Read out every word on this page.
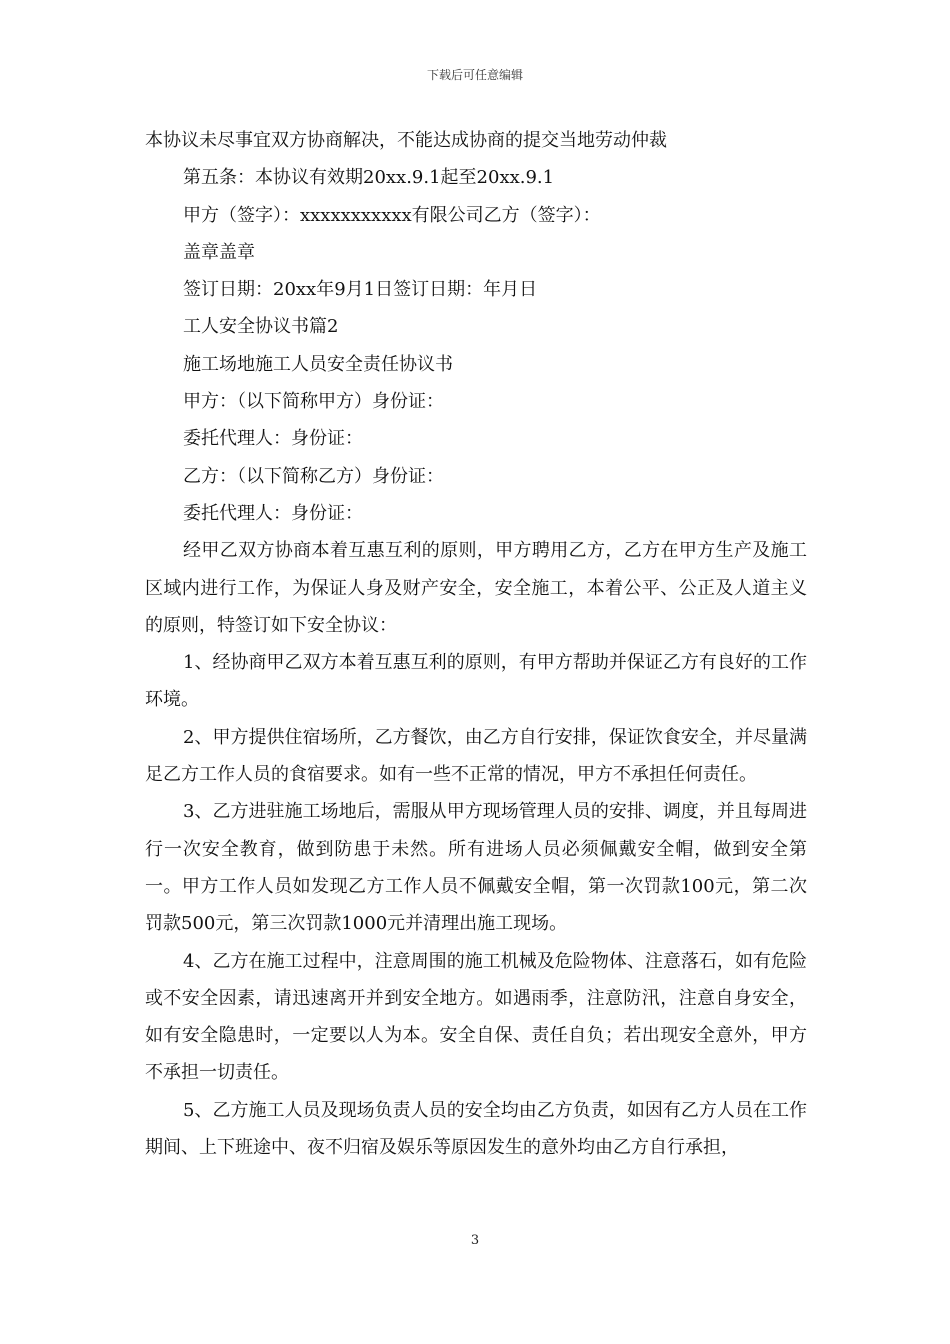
下载后可任意编辑

本协议未尽事宜双方协商解决，不能达成协商的提交当地劳动仲裁

第五条：本协议有效期20xx.9.1起至20xx.9.1

甲方（签字）：xxxxxxxxxxx有限公司乙方（签字）：

盖章盖章

签订日期：20xx年9月1日签订日期：年月日

工人安全协议书篇2

施工场地施工人员安全责任协议书

甲方：（以下简称甲方）身份证：

委托代理人：身份证：

乙方：（以下简称乙方）身份证：

委托代理人：身份证：

经甲乙双方协商本着互惠互利的原则，甲方聘用乙方，乙方在甲方生产及施工区域内进行工作，为保证人身及财产安全，安全施工，本着公平、公正及人道主义的原则，特签订如下安全协议：

1、经协商甲乙双方本着互惠互利的原则，有甲方帮助并保证乙方有良好的工作环境。

2、甲方提供住宿场所，乙方餐饮，由乙方自行安排，保证饮食安全，并尽量满足乙方工作人员的食宿要求。如有一些不正常的情况，甲方不承担任何责任。

3、乙方进驻施工场地后，需服从甲方现场管理人员的安排、调度，并且每周进行一次安全教育，做到防患于未然。所有进场人员必须佩戴安全帽，做到安全第一。甲方工作人员如发现乙方工作人员不佩戴安全帽，第一次罚款100元，第二次罚款500元，第三次罚款1000元并清理出施工现场。

4、乙方在施工过程中，注意周围的施工机械及危险物体、注意落石，如有危险或不安全因素，请迅速离开并到安全地方。如遇雨季，注意防汛，注意自身安全，如有安全隐患时，一定要以人为本。安全自保、责任自负；若出现安全意外，甲方不承担一切责任。

5、乙方施工人员及现场负责人员的安全均由乙方负责，如因有乙方人员在工作期间、上下班途中、夜不归宿及娱乐等原因发生的意外均由乙方自行承担，

3
